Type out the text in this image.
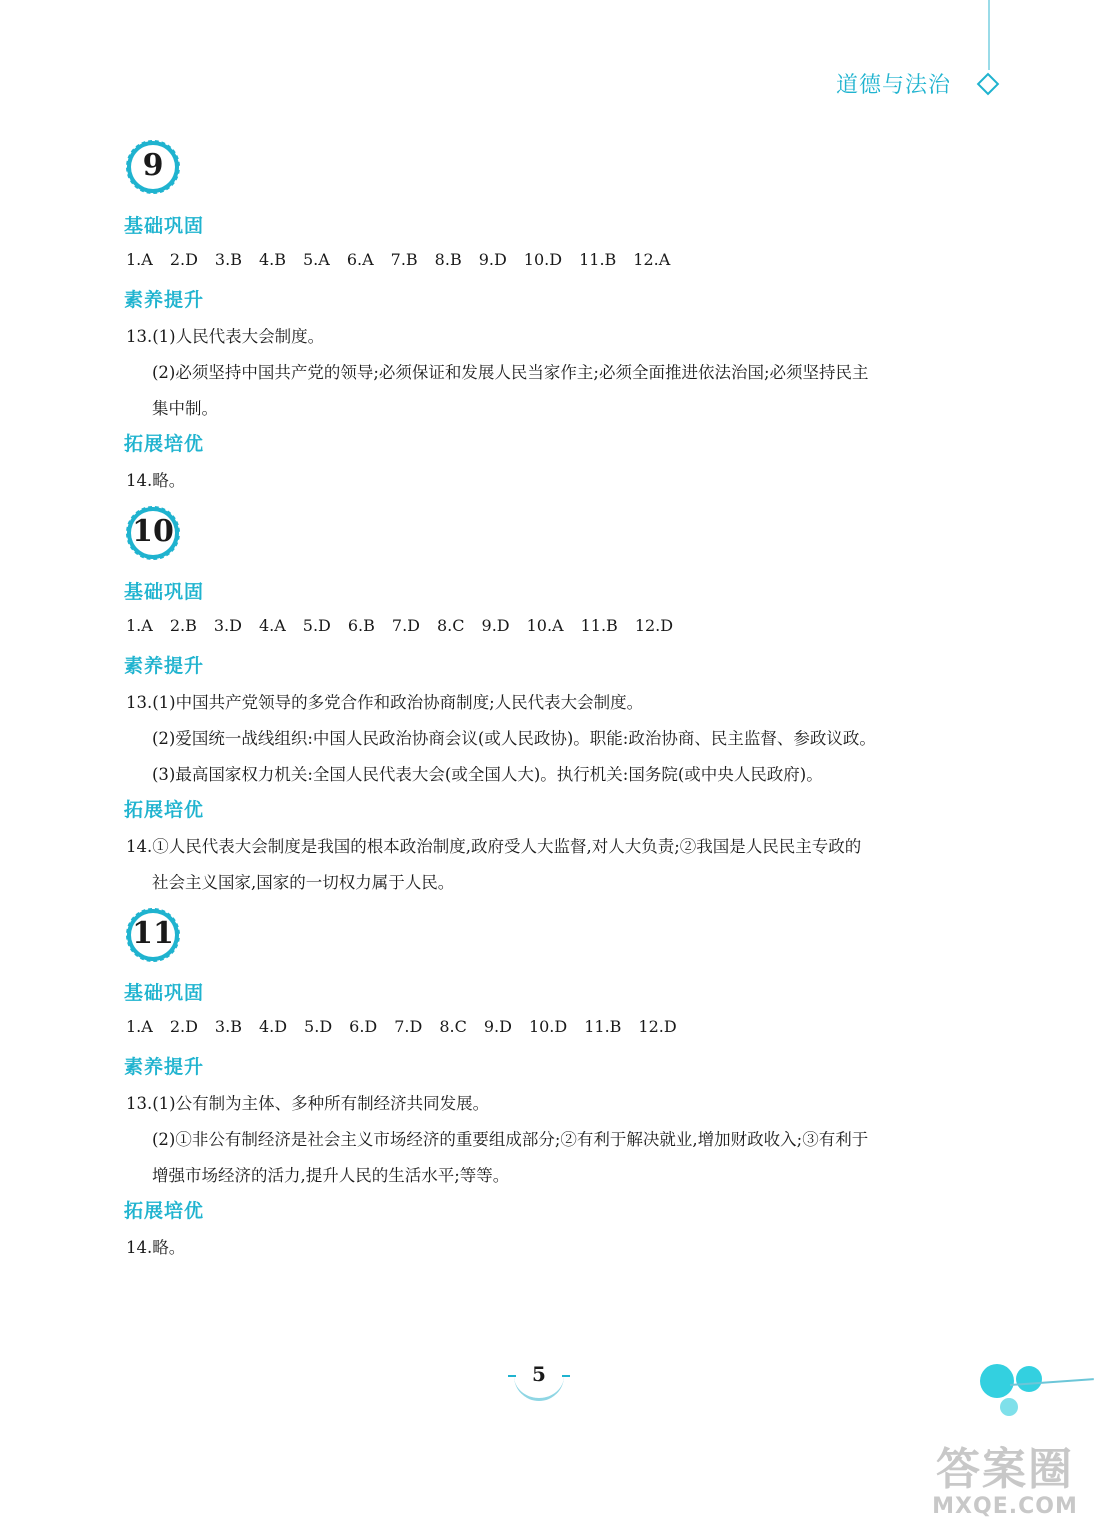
道德与法治
9
基础巩固
1.A 2.D 3.B 4.B 5.A 6.A 7.B 8.B 9.D 10.D 11.B 12.A
素养提升
13.(1)人民代表大会制度。
(2)必须坚持中国共产党的领导;必须保证和发展人民当家作主;必须全面推进依法治国;必须坚持民主
集中制。
拓展培优
14.略。
10
基础巩固
1.A 2.B 3.D 4.A 5.D 6.B 7.D 8.C 9.D 10.A 11.B 12.D
素养提升
13.(1)中国共产党领导的多党合作和政治协商制度;人民代表大会制度。
(2)爱国统一战线组织:中国人民政治协商会议(或人民政协)。职能:政治协商、民主监督、参政议政。
(3)最高国家权力机关:全国人民代表大会(或全国人大)。执行机关:国务院(或中央人民政府)。
拓展培优
14.①人民代表大会制度是我国的根本政治制度,政府受人大监督,对人大负责;②我国是人民民主专政的
社会主义国家,国家的一切权力属于人民。
11
基础巩固
1.A 2.D 3.B 4.D 5.D 6.D 7.D 8.C 9.D 10.D 11.B 12.D
素养提升
13.(1)公有制为主体、多种所有制经济共同发展。
(2)①非公有制经济是社会主义市场经济的重要组成部分;②有利于解决就业,增加财政收入;③有利于
增强市场经济的活力,提升人民的生活水平;等等。
拓展培优
14.略。
5
答案圈
MXQE.COM
